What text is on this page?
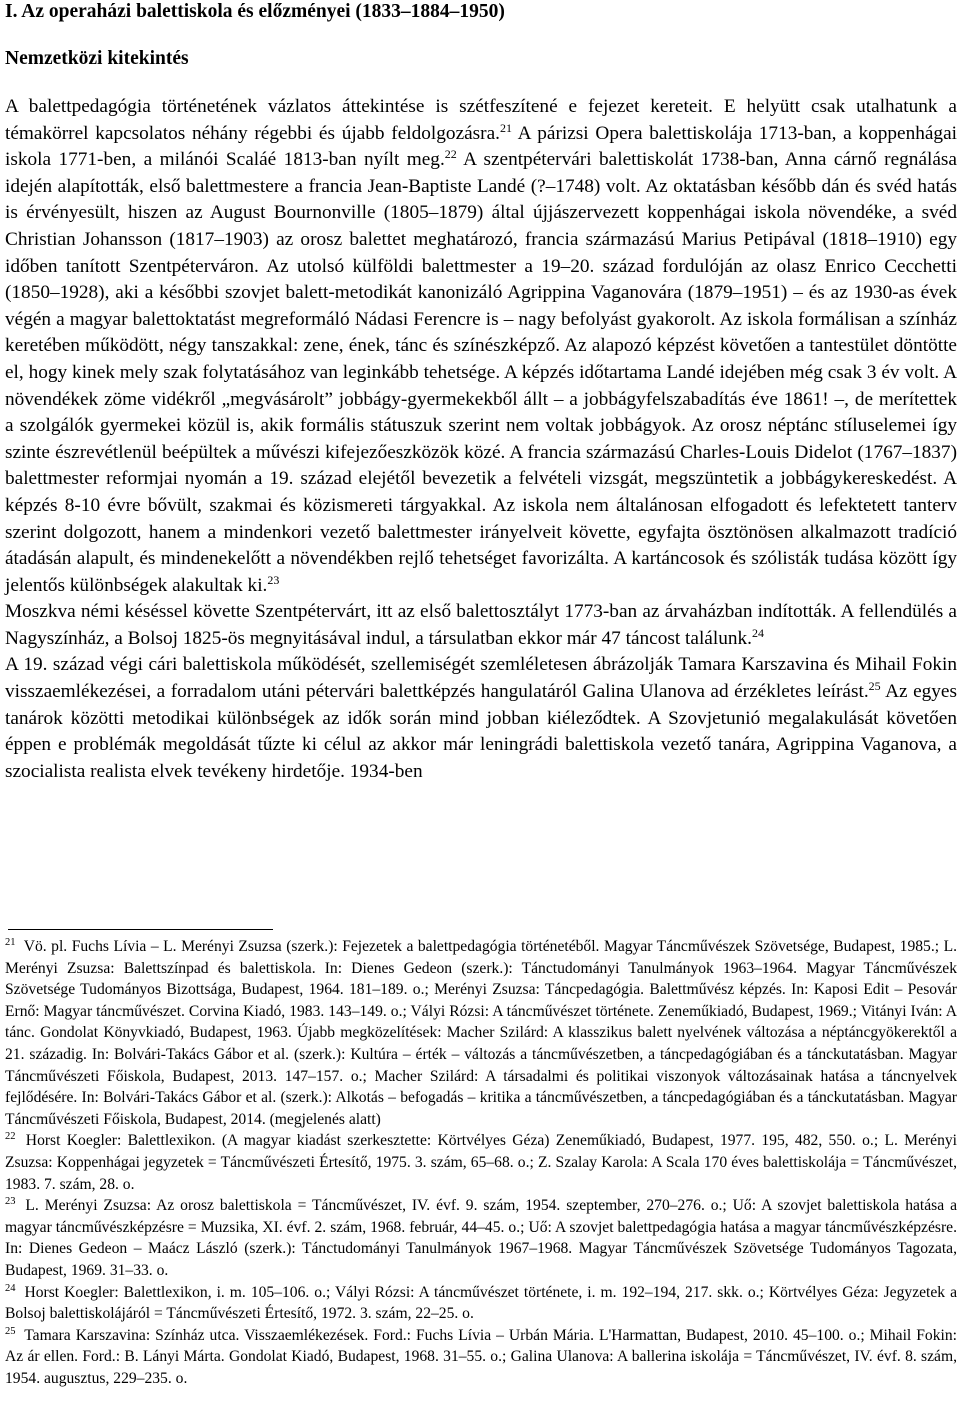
I. Az operaházi balettiskola és előzményei (1833–1884–1950)
Nemzetközi kitekintés

A balettpedagógia történetének vázlatos áttekintése is szétfeszítené e fejezet kereteit. E helyütt csak utalhatunk a témakörrel kapcsolatos néhány régebbi és újabb feldolgozásra.$^{21}$ A párizsi Opera balettiskolája 1713-ban, a koppenhágai iskola 1771-ben, a milánói Scaláé 1813-ban nyílt meg.$^{22}$ A szentpétervári balettiskolát 1738-ban, Anna cárnő regnálása idején alapították, első balettmestere a francia Jean-Baptiste Landé (?–1748) volt. Az oktatásban később dán és svéd hatás is érvényesült, hiszen az August Bournonville (1805–1879) által újjászervezett koppenhágai iskola növendéke, a svéd Christian Johansson (1817–1903) az orosz balettet meghatározó, francia származású Marius Petipával (1818–1910) egy időben tanított Szentpéterváron. Az utolsó külföldi balettmester a 19–20. század fordulóján az olasz Enrico Cecchetti (1850–1928), aki a későbbi szovjet balett-metodikát kanonizáló Agrippina Vaganovára (1879–1951) – és az 1930-as évek végén a magyar balettoktatást megreformáló Nádasi Ferencre is – nagy befolyást gyakorolt. Az iskola formálisan a színház keretében működött, négy tanszakkal: zene, ének, tánc és színészképző. Az alapozó képzést követően a tantestület döntötte el, hogy kinek mely szak folytatásához van leginkább tehetsége. A képzés időtartama Landé idejében még csak 3 év volt. A növendékek zöme vidékről „megvásárolt” jobbágy-gyermekekből állt – a jobbágyfelszabadítás éve 1861! –, de merítettek a szolgálók gyermekei közül is, akik formális státuszuk szerint nem voltak jobbágyok. Az orosz néptánc stíluselemei így szinte észrevétlenül beépültek a művészi kifejezőeszközök közé. A francia származású Charles-Louis Didelot (1767–1837) balettmester reformjai nyomán a 19. század elejétől bevezetik a felvételi vizsgát, megszüntetik a jobbágykereskedést. A képzés 8-10 évre bővült, szakmai és közismereti tárgyakkal. Az iskola nem általánosan elfogadott és lefektetett tanterv szerint dolgozott, hanem a mindenkori vezető balettmester irányelveit követte, egyfajta ösztönösen alkalmazott tradíció átadásán alapult, és mindenekelőtt a növendékben rejlő tehetséget favorizálta. A kartáncosok és szólisták tudása között így jelentős különbségek alakultak ki.$^{23}$

Moszkva némi késéssel követte Szentpétervárt, itt az első balettosztályt 1773-ban az árvaházban indították. A fellendülés a Nagyszínház, a Bolsoj 1825-ös megnyitásával indul, a társulatban ekkor már 47 táncost találunk.$^{24}$

A 19. század végi cári balettiskola működését, szellemiségét szemléletesen ábrázolják Tamara Karszavina és Mihail Fokin visszaemlékezései, a forradalom utáni pétervári balettképzés hangulatáról Galina Ulanova ad érzékletes leírást.$^{25}$ Az egyes tanárok közötti metodikai különbségek az idők során mind jobban kiéleződtek. A Szovjetunió megalakulását követően éppen e problémák megoldását tűzte ki célul az akkor már leningrádi balettiskola vezető tanára, Agrippina Vaganova, a szocialista realista elvek tevékeny hirdetője. 1934-ben

$^{21}$ Vö. pl. Fuchs Lívia – L. Merényi Zsuzsa (szerk.): Fejezetek a balettpedagógia történetéből. Magyar Táncművészek Szövetsége, Budapest, 1985.; L. Merényi Zsuzsa: Balettszínpad és balettiskola. In: Dienes Gedeon (szerk.): Tánctudományi Tanulmányok 1963–1964. Magyar Táncművészek Szövetsége Tudományos Bizottsága, Budapest, 1964. 181–189. o.; Merényi Zsuzsa: Táncpedagógia. Balettművész képzés. In: Kaposi Edit – Pesovár Ernő: Magyar táncművészet. Corvina Kiadó, 1983. 143–149. o.; Vályi Rózsi: A táncművészet története. Zeneműkiadó, Budapest, 1969.; Vitányi Iván: A tánc. Gondolat Könyvkiadó, Budapest, 1963. Újabb megközelítések: Macher Szilárd: A klasszikus balett nyelvének változása a néptáncgyökerektől a 21. századig. In: Bolvári-Takács Gábor et al. (szerk.): Kultúra – érték – változás a táncművészetben, a táncpedagógiában és a tánckutatásban. Magyar Táncművészeti Főiskola, Budapest, 2013. 147–157. o.; Macher Szilárd: A társadalmi és politikai viszonyok változásainak hatása a táncnyelvek fejlődésére. In: Bolvári-Takács Gábor et al. (szerk.): Alkotás – befogadás – kritika a táncművészetben, a táncpedagógiában és a tánckutatásban. Magyar Táncművészeti Főiskola, Budapest, 2014. (megjelenés alatt)

$^{22}$ Horst Koegler: Balettlexikon. (A magyar kiadást szerkesztette: Körtvélyes Géza) Zeneműkiadó, Budapest, 1977. 195, 482, 550. o.; L. Merényi Zsuzsa: Koppenhágai jegyzetek = Táncművészeti Értesítő, 1975. 3. szám, 65–68. o.; Z. Szalay Karola: A Scala 170 éves balettiskolája = Táncművészet, 1983. 7. szám, 28. o.

$^{23}$ L. Merényi Zsuzsa: Az orosz balettiskola = Táncművészet, IV. évf. 9. szám, 1954. szeptember, 270–276. o.; Uő: A szovjet balettiskola hatása a magyar táncművészképzésre = Muzsika, XI. évf. 2. szám, 1968. február, 44–45. o.; Uő: A szovjet balettpedagógia hatása a magyar táncművészképzésre. In: Dienes Gedeon – Maácz László (szerk.): Tánctudományi Tanulmányok 1967–1968. Magyar Táncművészek Szövetsége Tudományos Tagozata, Budapest, 1969. 31–33. o.

$^{24}$ Horst Koegler: Balettlexikon, i. m. 105–106. o.; Vályi Rózsi: A táncművészet története, i. m. 192–194, 217. skk. o.; Körtvélyes Géza: Jegyzetek a Bolsoj balettiskolájáról = Táncművészeti Értesítő, 1972. 3. szám, 22–25. o.

$^{25}$ Tamara Karszavina: Színház utca. Visszaemlékezések. Ford.: Fuchs Lívia – Urbán Mária. L'Harmattan, Budapest, 2010. 45–100. o.; Mihail Fokin: Az ár ellen. Ford.: B. Lányi Márta. Gondolat Kiadó, Budapest, 1968. 31–55. o.; Galina Ulanova: A ballerina iskolája = Táncművészet, IV. évf. 8. szám, 1954. augusztus, 229–235. o.
